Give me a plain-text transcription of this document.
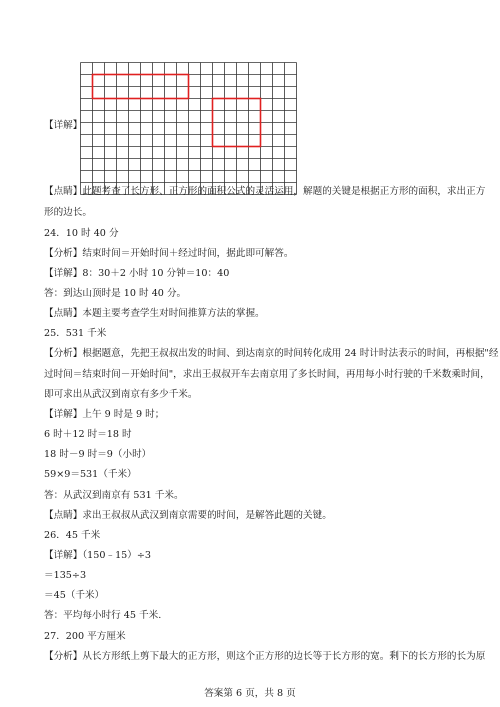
【详解】
【点睛】此题考查了长方形、正方形的面积公式的灵活运用，解题的关键是根据正方形的面积，求出正方
形的边长。
24．10 时 40 分
【分析】结束时间＝开始时间＋经过时间，据此即可解答。
【详解】8：30＋2 小时 10 分钟＝10：40
答：到达山顶时是 10 时 40 分。
【点睛】本题主要考查学生对时间推算方法的掌握。
25．531 千米
【分析】根据题意，先把王叔叔出发的时间、到达南京的时间转化成用 24 时计时法表示的时间，再根据"经
过时间＝结束时间－开始时间"，求出王叔叔开车去南京用了多长时间，再用每小时行驶的千米数乘时间，
即可求出从武汉到南京有多少千米。
【详解】上午 9 时是 9 时；
6 时＋12 时＝18 时
18 时－9 时＝9（小时）
59×9＝531（千米）
答：从武汉到南京有 531 千米。
【点睛】求出王叔叔从武汉到南京需要的时间，是解答此题的关键。
26．45 千米
【详解】（150﹣15）÷3
＝135÷3
＝45（千米）
答：平均每小时行 45 千米.
27．200 平方厘米
【分析】从长方形纸上剪下最大的正方形，则这个正方形的边长等于长方形的宽。剩下的长方形的长为原
答案第 6 页，共 8 页
